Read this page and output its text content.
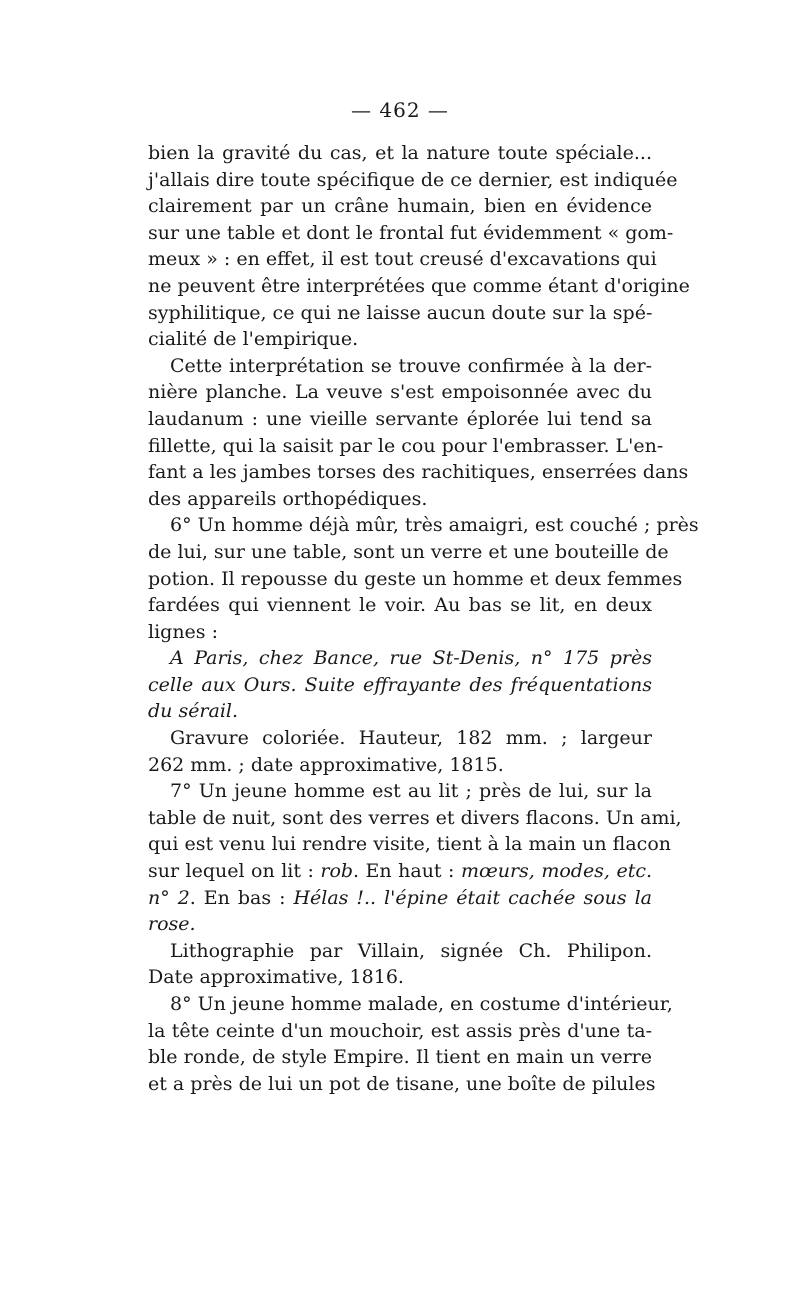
— 462 —
bien la gravité du cas, et la nature toute spéciale...
j'allais dire toute spécifique de ce dernier, est indiquée
clairement par un crâne humain, bien en évidence
sur une table et dont le frontal fut évidemment « gom-
meux » : en effet, il est tout creusé d'excavations qui
ne peuvent être interprétées que comme étant d'origine
syphilitique, ce qui ne laisse aucun doute sur la spé-
cialité de l'empirique.
Cette interprétation se trouve confirmée à la der-
nière planche. La veuve s'est empoisonnée avec du
laudanum : une vieille servante éplorée lui tend sa
fillette, qui la saisit par le cou pour l'embrasser. L'en-
fant a les jambes torses des rachitiques, enserrées dans
des appareils orthopédiques.
6° Un homme déjà mûr, très amaigri, est couché ; près
de lui, sur une table, sont un verre et une bouteille de
potion. Il repousse du geste un homme et deux femmes
fardées qui viennent le voir. Au bas se lit, en deux
lignes :
A Paris, chez Bance, rue St-Denis, n° 175 près
celle aux Ours. Suite effrayante des fréquentations
du sérail.
Gravure coloriée. Hauteur, 182 mm. ; largeur
262 mm. ; date approximative, 1815.
7° Un jeune homme est au lit ; près de lui, sur la
table de nuit, sont des verres et divers flacons. Un ami,
qui est venu lui rendre visite, tient à la main un flacon
sur lequel on lit : rob. En haut : mœurs, modes, etc.
n° 2. En bas : Hélas !.. l'épine était cachée sous la
rose.
Lithographie par Villain, signée Ch. Philipon.
Date approximative, 1816.
8° Un jeune homme malade, en costume d'intérieur,
la tête ceinte d'un mouchoir, est assis près d'une ta-
ble ronde, de style Empire. Il tient en main un verre
et a près de lui un pot de tisane, une boîte de pilules
